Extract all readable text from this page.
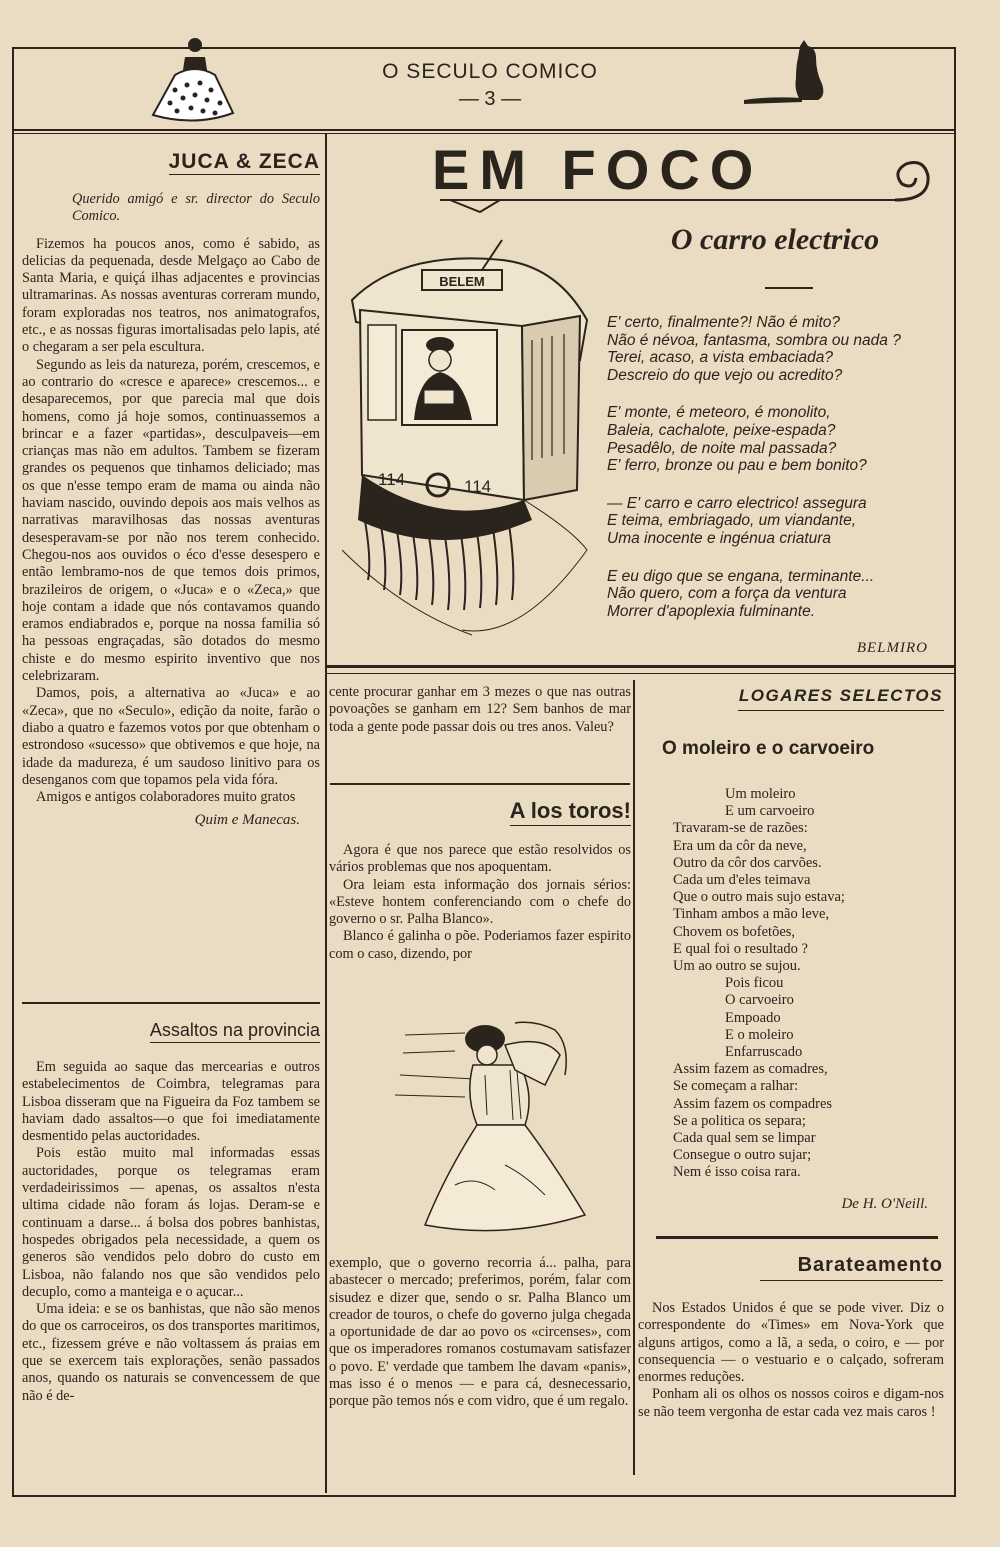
O SECULO COMICO
— 3 —
JUCA & ZECA
Querido amigó e sr. director do Seculo Comico.

Fizemos ha poucos anos, como é sabido, as delicias da pequenada, desde Melgaço ao Cabo de Santa Maria, e quiçá ilhas adjacentes e provincias ultramarinas. As nossas aventuras correram mundo, foram exploradas nos teatros, nos animatografos, etc., e as nossas figuras imortalisadas pelo lapis, até o chegaram a ser pela escultura.

Segundo as leis da natureza, porém, crescemos, e ao contrario do «cresce e aparece» crescemos... e desaparecemos, por que parecia mal que dois homens, como já hoje somos, continuassemos a brincar e a fazer «partidas», desculpaveis—em crianças mas não em adultos. Tambem se fizeram grandes os pequenos que tinhamos deliciado; mas os que n'esse tempo eram de mama ou ainda não haviam nascido, ouvindo depois aos mais velhos as narrativas maravilhosas das nossas aventuras desesperavam-se por não nos terem conhecido. Chegou-nos aos ouvidos o éco d'esse desespero e então lembramo-nos de que temos dois primos, brazileiros de origem, o «Juca» e o «Zeca,» que hoje contam a idade que nós contavamos quando eramos endiabrados e, porque na nossa familia só ha pessoas engraçadas, são dotados do mesmo chiste e do mesmo espirito inventivo que nos celebrizaram.

Damos, pois, a alternativa ao «Juca» e ao «Zeca», que no «Seculo», edição da noite, farão o diabo a quatro e fazemos votos por que obtenham o estrondoso «sucesso» que obtivemos e que hoje, na idade da madureza, é um saudoso linitivo para os desenganos com que topamos pela vida fóra.

Amigos e antigos colaboradores muito gratos

Quim e Manecas.
Assaltos na provincia

Em seguida ao saque das mercearias e outros estabelecimentos de Coimbra, telegramas para Lisboa disseram que na Figueira da Foz tambem se haviam dado assaltos—o que foi imediatamente desmentido pelas auctoridades.

Pois estão muito mal informadas essas auctoridades, porque os telegramas eram verdadeirissimos — apenas, os assaltos n'esta ultima cidade não foram ás lojas. Deram-se e continuam a darse... á bolsa dos pobres banhistas, hospedes obrigados pela necessidade, a quem os generos são vendidos pelo dobro do custo em Lisboa, não falando nos que são vendidos pelo decuplo, como a manteiga e o açucar...

Uma ideia: e se os banhistas, que não são menos do que os carroceiros, os dos transportes maritimos, etc., fizessem gréve e não voltassem ás praias em que se exercem tais explorações, senão passados anos, quando os naturais se convencessem de que não é de-

EM FOCO
O carro electrico
BELEM
114	114
E' certo, finalmente?! Não é mito?
Não é névoa, fantasma, sombra ou nada ?
Terei, acaso, a vista embaciada?
Descreio do que vejo ou acredito?
E' monte, é meteoro, é monolito,
Baleia, cachalote, peixe-espada?
Pesadêlo, de noite mal passada?
E' ferro, bronze ou pau e bem bonito?
— E' carro e carro electrico! assegura
E teima, embriagado, um viandante,
Uma inocente e ingénua criatura
E eu digo que se engana, terminante...
Não quero, com a força da ventura
Morrer d'apoplexia fulminante.
BELMIRO
cente procurar ganhar em 3 mezes o que nas outras povoações se ganham em 12? Sem banhos de mar toda a gente pode passar dois ou tres anos. Valeu?
A los toros!

Agora é que nos parece que estão resolvidos os vários problemas que nos apoquentam.

Ora leiam esta informação dos jornais sérios: «Esteve hontem conferenciando com o chefe do governo o sr. Palha Blanco».

Blanco é galinha o põe. Poderiamos fazer espirito com o caso, dizendo, por

exemplo, que o governo recorria á... palha, para abastecer o mercado; preferimos, porém, falar com sisudez e dizer que, sendo o sr. Palha Blanco um creador de touros, o chefe do governo julga chegada a oportunidade de dar ao povo os «circenses», com que os imperadores romanos costumavam satisfazer o povo. E' verdade que tambem lhe davam «panis», mas isso é o menos — e para cá, desnecessario, porque pão temos nós e com vidro, que é um regalo.
LOGARES SELECTOS
O moleiro e o carvoeiro
Um moleiro
E um carvoeiro
Travaram-se de razões:
Era um da côr da neve,
Outro da côr dos carvões.
Cada um d'eles teimava
Que o outro mais sujo estava;
Tinham ambos a mão leve,
Chovem os bofetões,
E qual foi o resultado ?
Um ao outro se sujou.
Pois ficou
O carvoeiro
Empoado
E o moleiro
Enfarruscado
Assim fazem as comadres,
Se começam a ralhar:
Assim fazem os compadres
Se a politica os separa;
Cada qual sem se limpar
Consegue o outro sujar;
Nem é isso coisa rara.
De H. O'Neill.
Barateamento

Nos Estados Unidos é que se pode viver. Diz o correspondente do «Times» em Nova-York que alguns artigos, como a lã, a seda, o coiro, e — por consequencia — o vestuario e o calçado, sofreram enormes reduções.

Ponham ali os olhos os nossos coiros e digam-nos se não teem vergonha de estar cada vez mais caros !
